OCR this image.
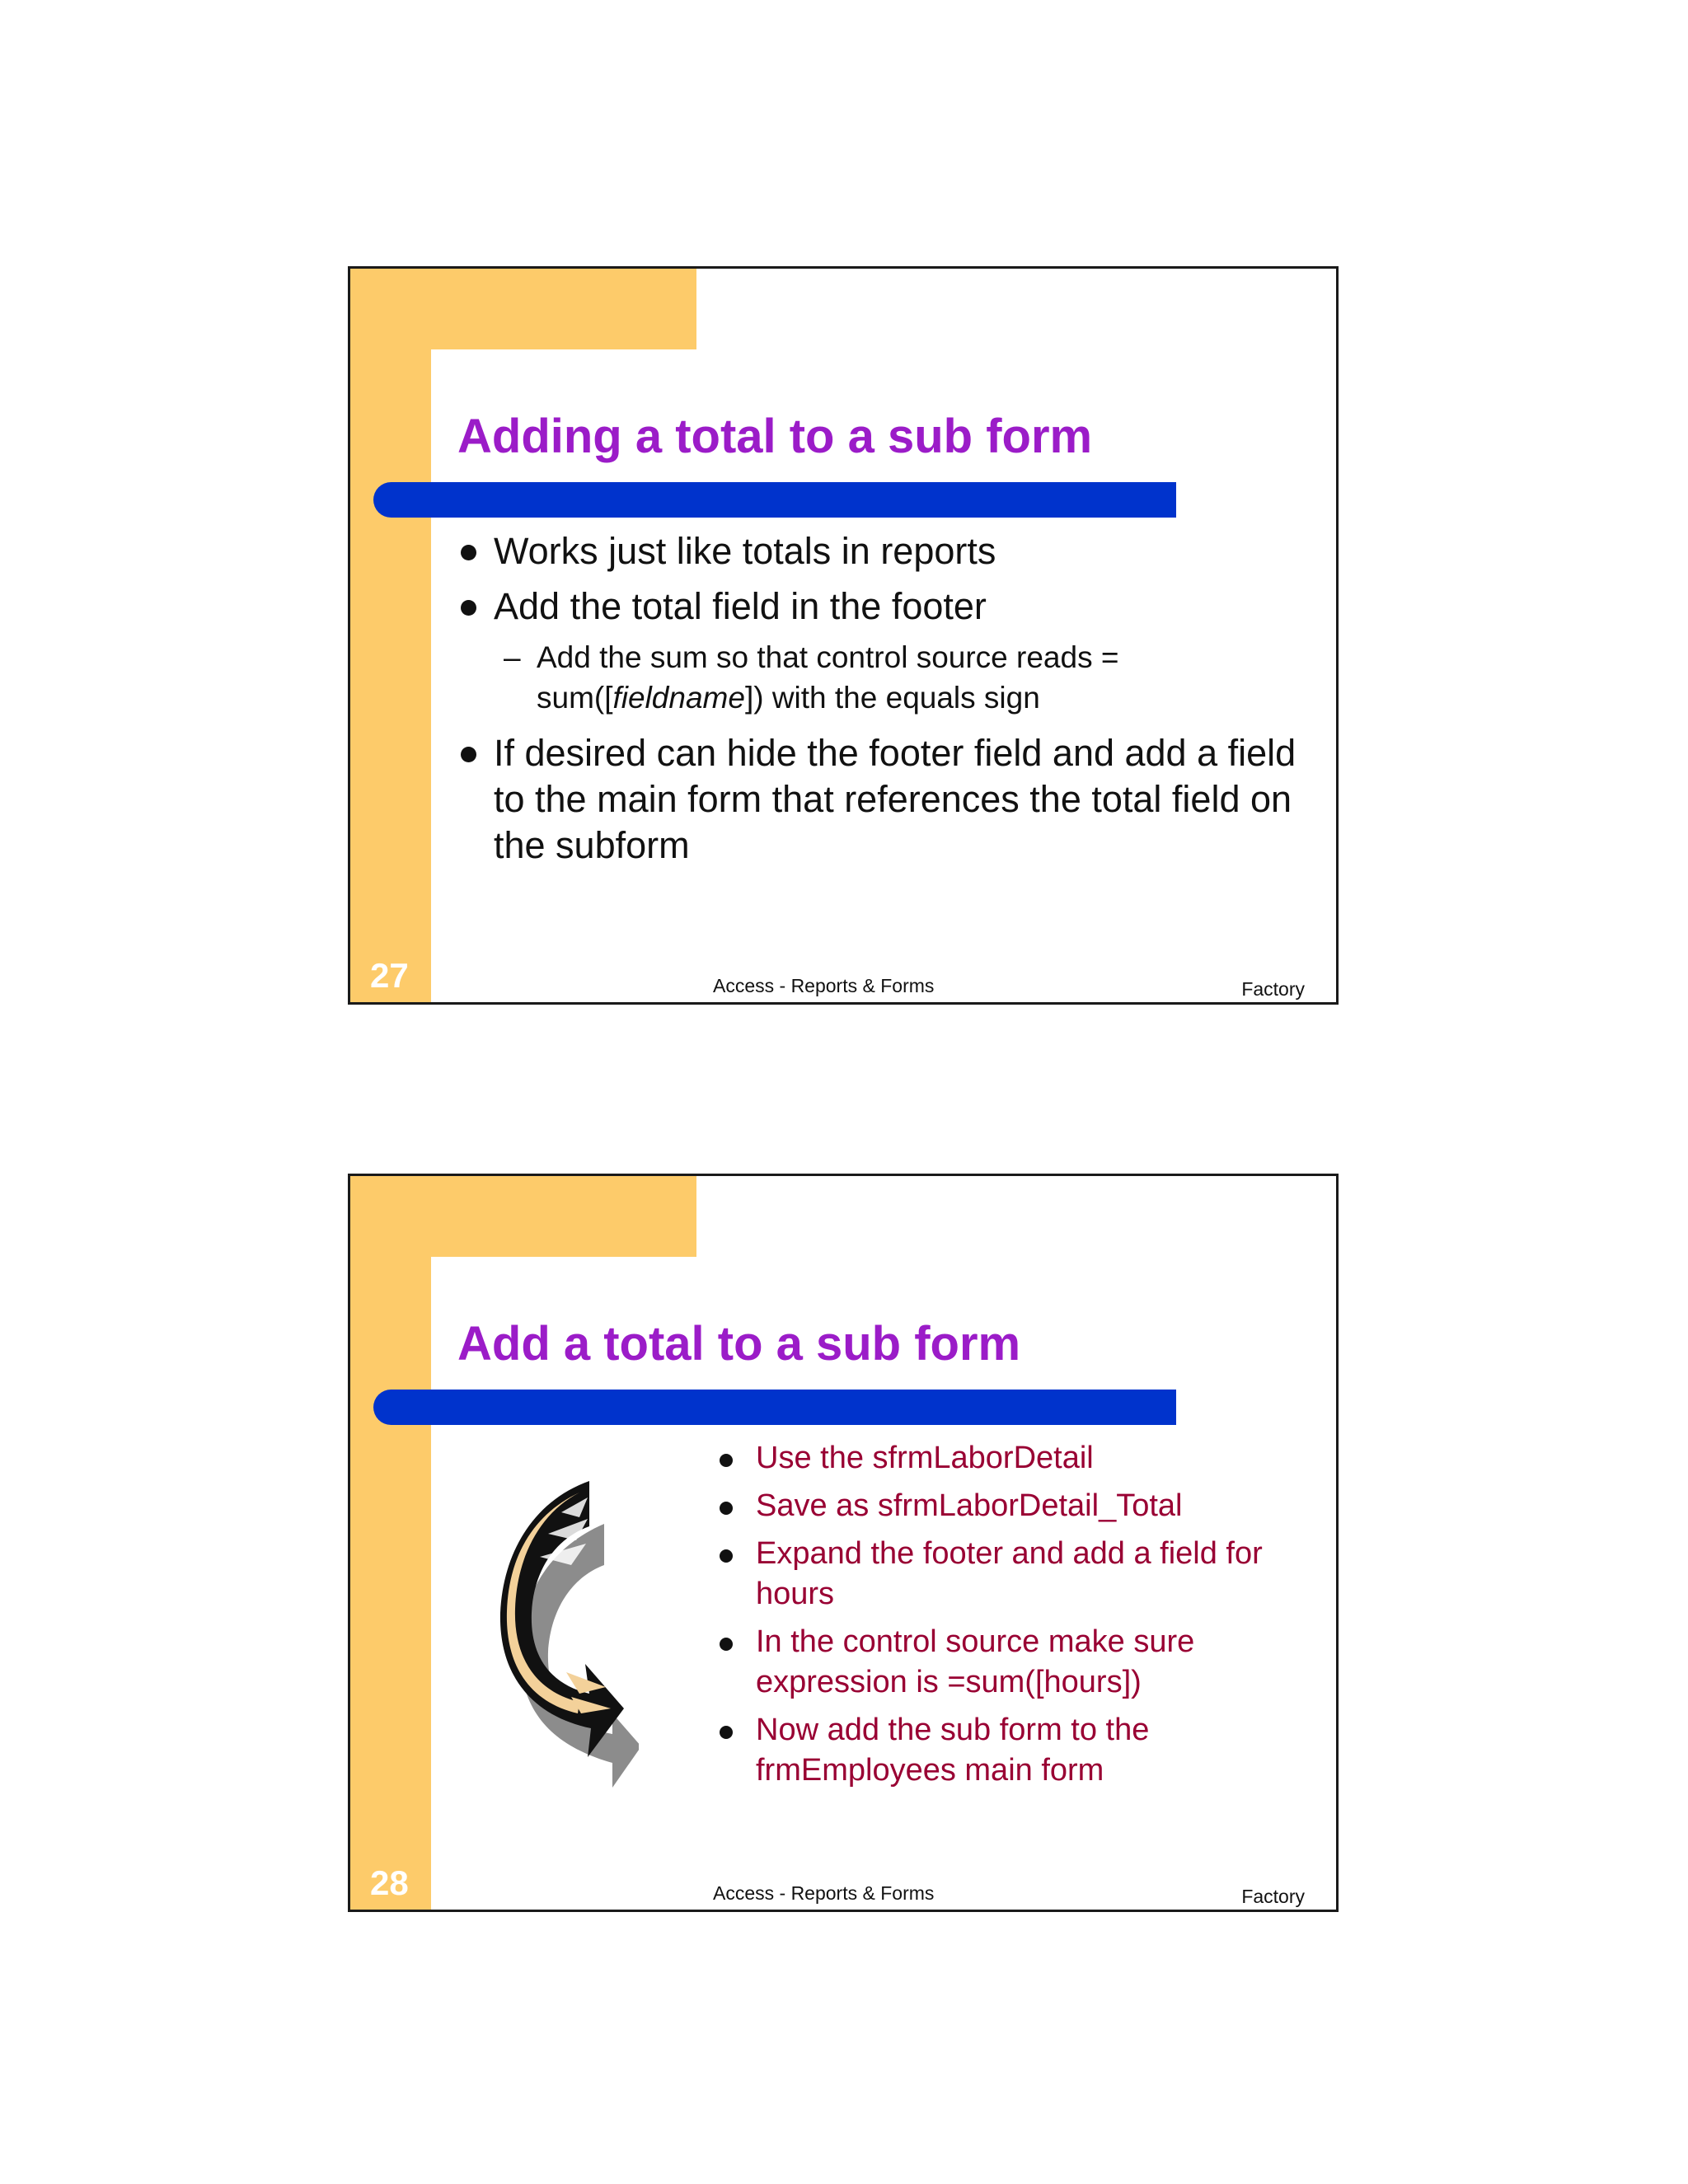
Adding a total to a sub form
Works just like totals in reports
Add the total field in the footer
– Add the sum so that control source reads = sum([fieldname]) with the equals sign
If desired can hide the footer field and add a field to the main form that references the total field on the subform
27	Access - Reports & Forms	Factory
Add a total to a sub form
Use the sfrmLaborDetail
Save as sfrmLaborDetail_Total
Expand the footer and add a field for hours
In the control source make sure expression is =sum([hours])
Now add the sub form to the frmEmployees main form
28	Access - Reports & Forms	Factory
